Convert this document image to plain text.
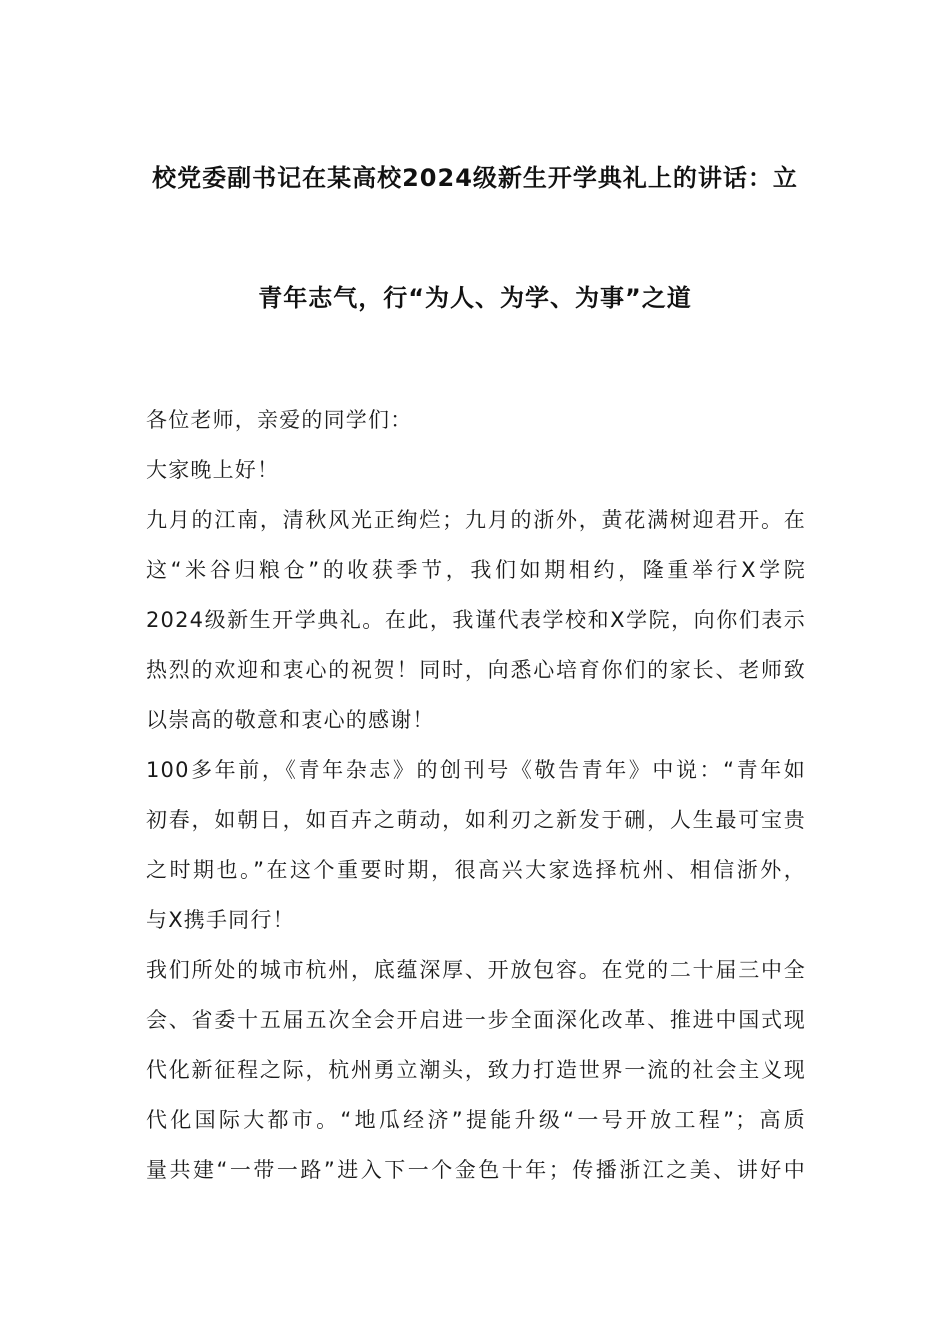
校党委副书记在某高校2024级新生开学典礼上的讲话：立
青年志气，行“为人、为学、为事”之道
各位老师，亲爱的同学们：
大家晚上好！
九月的江南，清秋风光正绚烂；九月的浙外，黄花满树迎君开。在
这“米谷归粮仓”的收获季节，我们如期相约，隆重举行X学院
2024级新生开学典礼。在此，我谨代表学校和X学院，向你们表示
热烈的欢迎和衷心的祝贺！同时，向悉心培育你们的家长、老师致
以崇高的敬意和衷心的感谢！
100多年前，《青年杂志》的创刊号《敬告青年》中说：“青年如
初春，如朝日，如百卉之萌动，如利刃之新发于硎，人生最可宝贵
之时期也。”在这个重要时期，很高兴大家选择杭州、相信浙外，
与X携手同行！
我们所处的城市杭州，底蕴深厚、开放包容。在党的二十届三中全
会、省委十五届五次全会开启进一步全面深化改革、推进中国式现
代化新征程之际，杭州勇立潮头，致力打造世界一流的社会主义现
代化国际大都市。“地瓜经济”提能升级“一号开放工程”；高质
量共建“一带一路”进入下一个金色十年；传播浙江之美、讲好中
